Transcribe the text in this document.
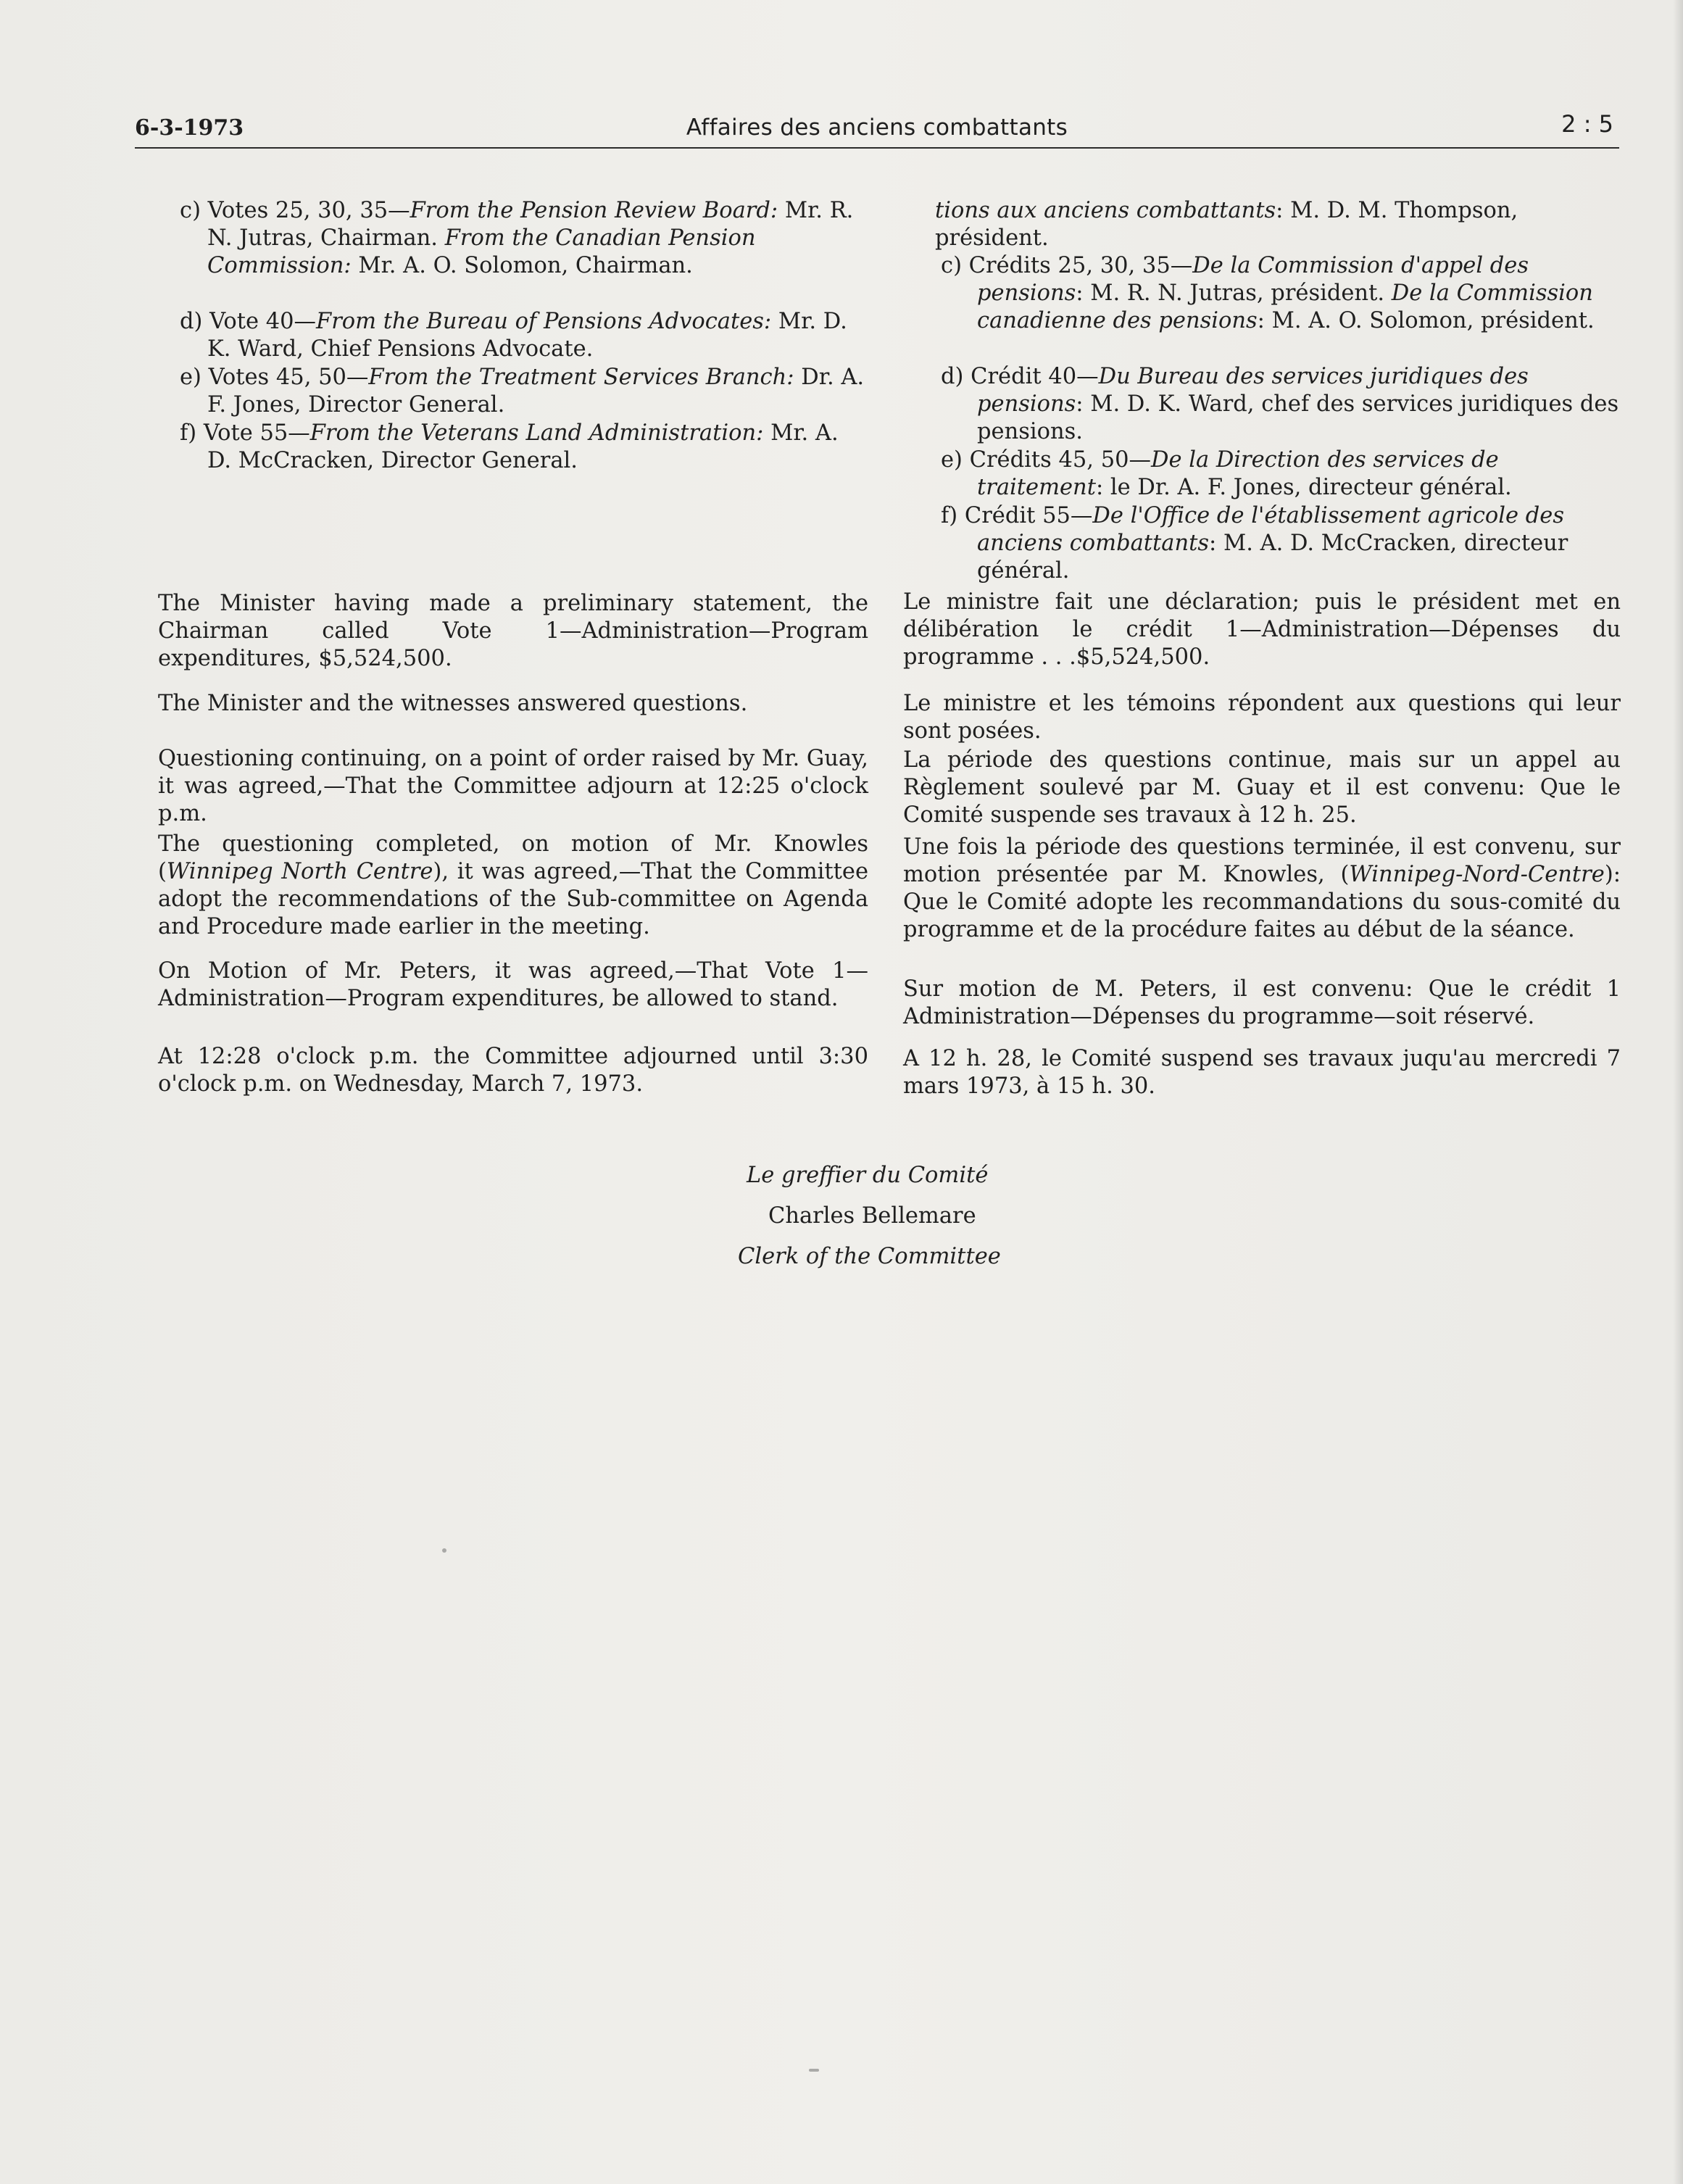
6-3-1973	Affaires des anciens combattants	2 : 5

c) Votes 25, 30, 35—From the Pension Review Board: Mr. R. N. Jutras, Chairman. From the Canadian Pension Commission: Mr. A. O. Solomon, Chairman.

d) Vote 40—From the Bureau of Pensions Advocates: Mr. D. K. Ward, Chief Pensions Advocate.

e) Votes 45, 50—From the Treatment Services Branch: Dr. A. F. Jones, Director General.

f) Vote 55—From the Veterans Land Administration: Mr. A. D. McCracken, Director General.

The Minister having made a preliminary statement, the Chairman called Vote 1—Administration—Program expenditures, $5,524,500.

The Minister and the witnesses answered questions.

Questioning continuing, on a point of order raised by Mr. Guay, it was agreed,—That the Committee adjourn at 12:25 o'clock p.m.

The questioning completed, on motion of Mr. Knowles (Winnipeg North Centre), it was agreed,—That the Committee adopt the recommendations of the Sub-committee on Agenda and Procedure made earlier in the meeting.

On Motion of Mr. Peters, it was agreed,—That Vote 1—Administration—Program expenditures, be allowed to stand.

At 12:28 o'clock p.m. the Committee adjourned until 3:30 o'clock p.m. on Wednesday, March 7, 1973.

tions aux anciens combattants: M. D. M. Thompson, président.

c) Crédits 25, 30, 35—De la Commission d'appel des pensions: M. R. N. Jutras, président. De la Commission canadienne des pensions: M. A. O. Solomon, président.

d) Crédit 40—Du Bureau des services juridiques des pensions: M. D. K. Ward, chef des services juridiques des pensions.

e) Crédits 45, 50—De la Direction des services de traitement: le Dr. A. F. Jones, directeur général.

f) Crédit 55—De l'Office de l'établissement agricole des anciens combattants: M. A. D. McCracken, directeur général.

Le ministre fait une déclaration; puis le président met en délibération le crédit 1—Administration—Dépenses du programme . . .$5,524,500.

Le ministre et les témoins répondent aux questions qui leur sont posées.

La période des questions continue, mais sur un appel au Règlement soulevé par M. Guay et il est convenu: Que le Comité suspende ses travaux à 12 h. 25.

Une fois la période des questions terminée, il est convenu, sur motion présentée par M. Knowles, (Winnipeg-Nord-Centre): Que le Comité adopte les recommandations du sous-comité du programme et de la procédure faites au début de la séance.

Sur motion de M. Peters, il est convenu: Que le crédit 1 Administration—Dépenses du programme—soit réservé.

A 12 h. 28, le Comité suspend ses travaux juqu'au mercredi 7 mars 1973, à 15 h. 30.

Le greffier du Comité
Charles Bellemare
Clerk of the Committee
